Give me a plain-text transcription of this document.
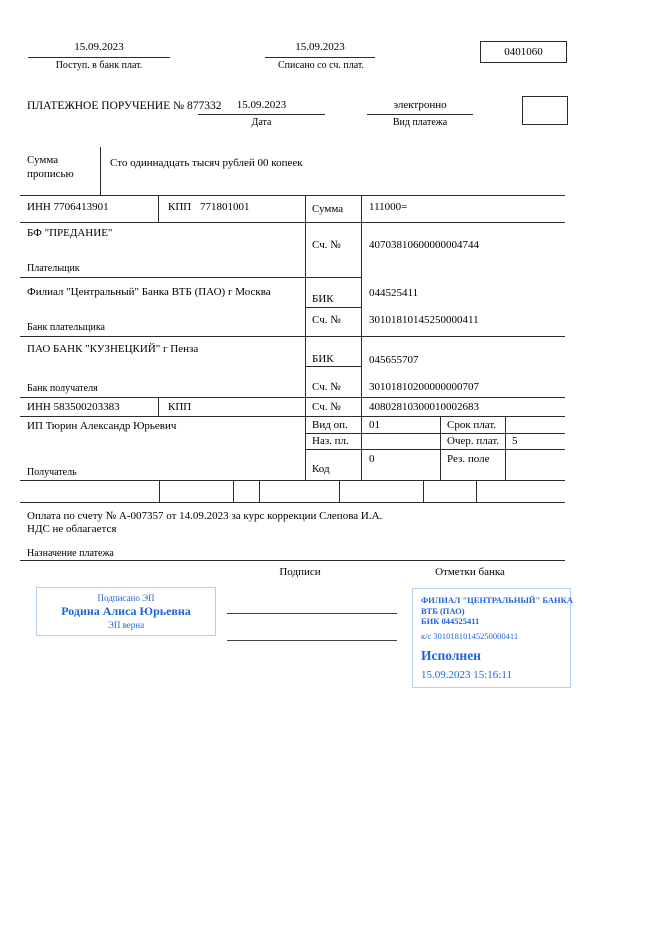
15.09.2023
Поступ. в банк плат.
15.09.2023
Списано со сч. плат.
0401060
ПЛАТЕЖНОЕ ПОРУЧЕНИЕ № 877332	15.09.2023
Дата
электронно
Вид платежа
Сумма
прописью
Сто одиннадцать тысяч рублей 00 копеек
ИНН 7706413901	КПП 771801001	Сумма 111000=
БФ "ПРЕДАНИЕ"
Сч. №	40703810600000004744
Плательщик
Филиал "Центральный" Банка ВТБ (ПАО) г Москва
БИК	044525411
Сч. №	30101810145250000411
Банк плательщика
ПАО БАНК "КУЗНЕЦКИЙ" г Пенза
БИК	045655707
Сч. №	30101810200000000707
Банк получателя
ИНН 583500203383	КПП	Сч. №	40802810300010002683
ИП Тюрин Александр Юрьевич	Вид оп. 01	Срок плат.
Наз. пл.	Очер. плат. 5
Код
0	Рез. поле
Получатель
Оплата по счету № А-007357 от 14.09.2023 за курс коррекции Слепова И.А.
НДС не облагается
Назначение платежа
Подписи	Отметки банка
Подписано ЭП
Родина Алиса Юрьевна
ЭП верна
ФИЛИАЛ "ЦЕНТРАЛЬНЫЙ" БАНКА
ВТБ (ПАО)
БИК 044525411
к/с 30101810145250000411
Исполнен
15.09.2023 15:16:11
